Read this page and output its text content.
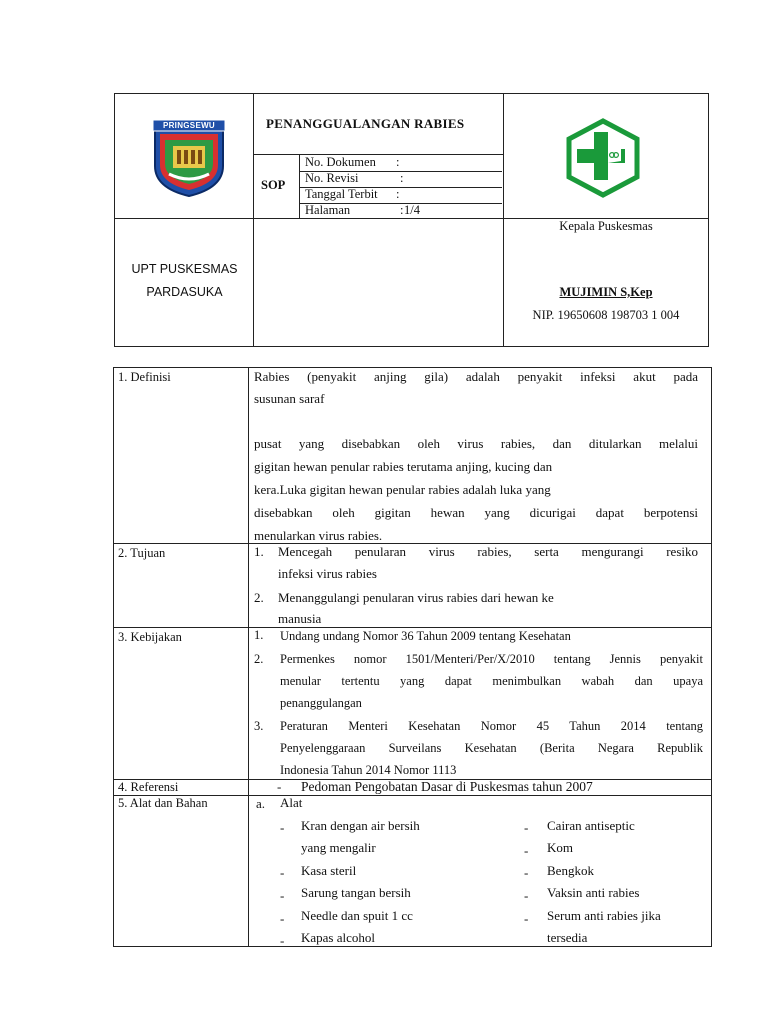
PRINGSEWU	PENANGGUALANGAN RABIES
SOP
No. Dokumen :
No. Revisi	:
Tanggal Terbit :
Halaman	: 1/4
UPT PUSKESMAS
PARDASUKA
Kepala Puskesmas
MUJIMIN S,Kep
NIP. 19650608 198703 1 004
1. Definisi	Rabies (penyakit anjing gila) adalah penyakit infeksi akut pada
susunan saraf
pusat yang disebabkan oleh virus rabies, dan ditularkan melalui
gigitan hewan penular rabies terutama anjing, kucing dan
kera.Luka gigitan hewan penular rabies adalah luka yang
disebabkan oleh gigitan hewan yang dicurigai dapat berpotensi
menularkan virus rabies.
2. Tujuan	1. Mencegah penularan virus rabies, serta mengurangi resiko
infeksi virus rabies
2. Menanggulangi penularan virus rabies dari hewan ke
manusia
3. Kebijakan	1. Undang undang Nomor 36 Tahun 2009 tentang Kesehatan
2. Permenkes nomor 1501/Menteri/Per/X/2010 tentang Jennis penyakit
menular tertentu yang dapat menimbulkan wabah dan upaya
penanggulangan
3. Peraturan Menteri Kesehatan Nomor 45 Tahun 2014 tentang
Penyelenggaraan Surveilans Kesehatan (Berita Negara Republik
Indonesia Tahun 2014 Nomor 1113
4. Referensi	- Pedoman Pengobatan Dasar di Puskesmas tahun 2007
5. Alat dan Bahan	a. Alat
- Kran dengan air bersih
yang mengalir
- Kasa steril
- Sarung tangan bersih
- Needle dan spuit 1 cc
- Kapas alcohol
- Cairan antiseptic
- Kom
- Bengkok
- Vaksin anti rabies
- Serum anti rabies jika
tersedia
